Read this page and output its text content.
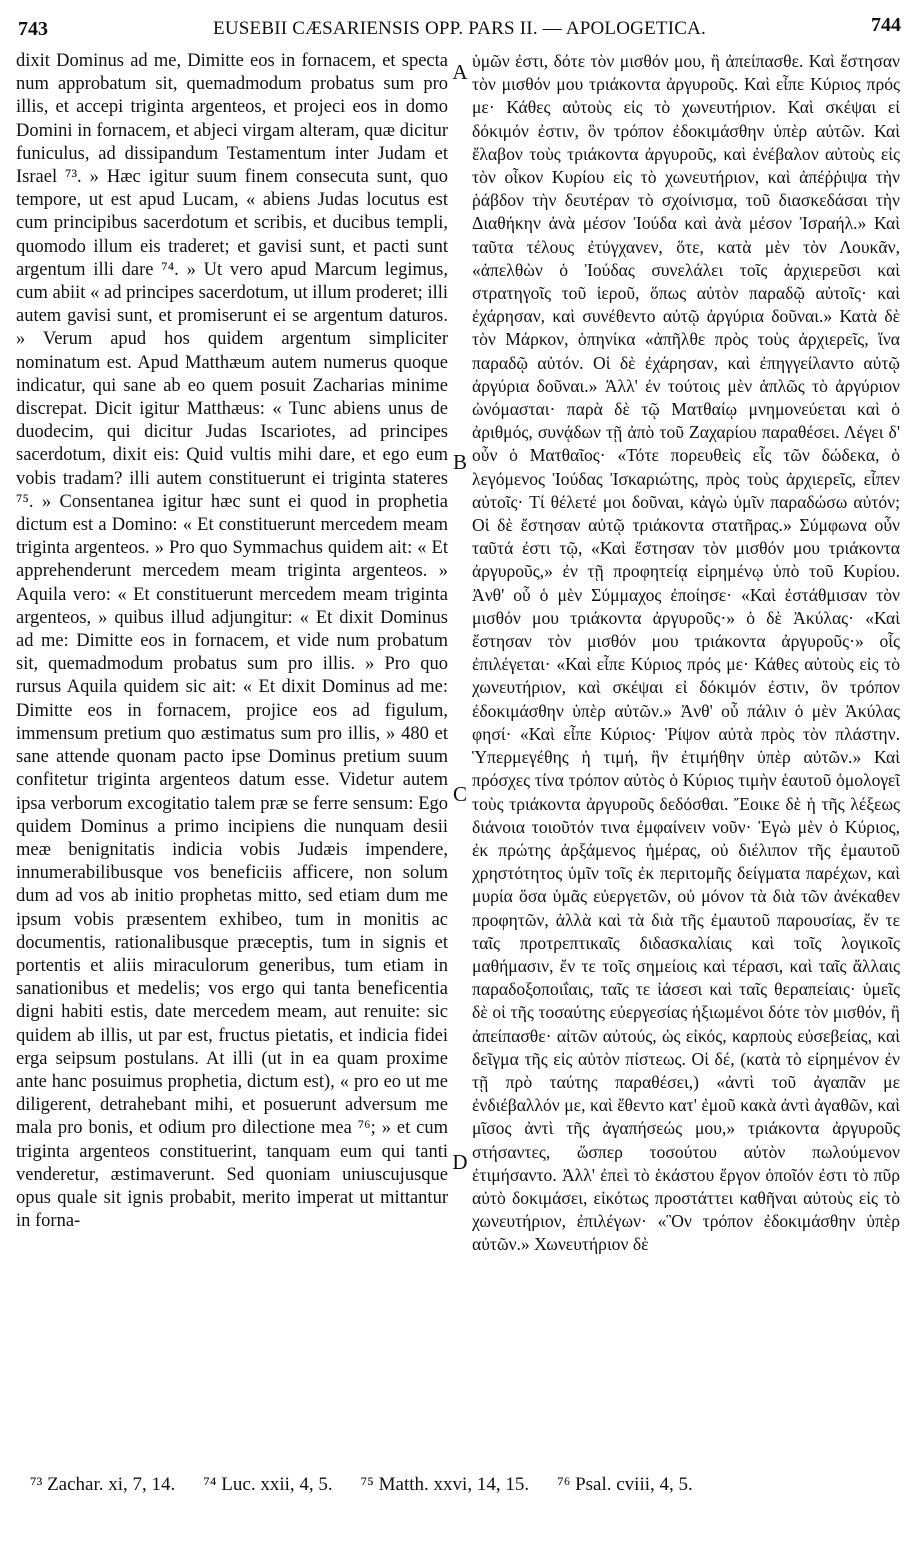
743	EUSEBII CÆSARIENSIS OPP. PARS II. — APOLOGETICA.	744

dixit Dominus ad me, Dimitte eos in fornacem, et specta num approbatum sit, quemadmodum probatus sum pro illis, et accepi triginta argenteos, et projeci eos in domo Domini in fornacem, et abjeci virgam alteram, quæ dicitur funiculus, ad dissipandum Testamentum inter Judam et Israel ⁷³. » Hæc igitur suum finem consecuta sunt, quo tempore, ut est apud Lucam, « abiens Judas locutus est cum principibus sacerdotum et scribis, et ducibus templi, quomodo illum eis traderet; et gavisi sunt, et pacti sunt argentum illi dare ⁷⁴. » Ut vero apud Marcum legimus, cum abiit « ad principes sacerdotum, ut illum proderet; illi autem gavisi sunt, et promiserunt ei se argentum daturos. » Verum apud hos quidem argentum simpliciter nominatum est. Apud Matthæum autem numerus quoque indicatur, qui sane ab eo quem posuit Zacharias minime discrepat. Dicit igitur Matthæus: « Tunc abiens unus de duodecim, qui dicitur Judas Iscariotes, ad principes sacerdotum, dixit eis: Quid vultis mihi dare, et ego eum vobis tradam? illi autem constituerunt ei triginta stateres ⁷⁵. » Consentanea igitur hæc sunt ei quod in prophetia dictum est a Domino: « Et constituerunt mercedem meam triginta argenteos. » Pro quo Symmachus quidem ait: « Et apprehenderunt mercedem meam triginta argenteos. » Aquila vero: « Et constituerunt mercedem meam triginta argenteos, » quibus illud adjungitur: « Et dixit Dominus ad me: Dimitte eos in fornacem, et vide num probatum sit, quemadmodum probatus sum pro illis. » Pro quo rursus Aquila quidem sic ait: « Et dixit Dominus ad me: Dimitte eos in fornacem, projice eos ad figulum, immensum pretium quo æstimatus sum pro illis, » 480 et sane attende quonam pacto ipse Dominus pretium suum confitetur triginta argenteos datum esse. Videtur autem ipsa verborum excogitatio talem præ se ferre sensum: Ego quidem Dominus a primo incipiens die nunquam desii meæ benignitatis indicia vobis Judæis impendere, innumerabilibusque vos beneficiis afficere, non solum dum ad vos ab initio prophetas mitto, sed etiam dum me ipsum vobis præsentem exhibeo, tum in monitis ac documentis, rationalibusque præceptis, tum in signis et portentis et aliis miraculorum generibus, tum etiam in sanationibus et medelis; vos ergo qui tanta beneficentia digni habiti estis, date mercedem meam, aut renuite: sic quidem ab illis, ut par est, fructus pietatis, et indicia fidei erga seipsum postulans. At illi (ut in ea quam proxime ante hanc posuimus prophetia, dictum est), « pro eo ut me diligerent, detrahebant mihi, et posuerunt adversum me mala pro bonis, et odium pro dilectione mea ⁷⁶; » et cum triginta argenteos constituerint, tanquam eum qui tanti venderetur, æstimaverunt. Sed quoniam uniuscujusque opus quale sit ignis probabit, merito imperat ut mittantur in forna-

A
B
C
D

ὑμῶν ἐστι, δότε τὸν μισθόν μου, ἢ ἀπείπασθε. Καὶ ἔστησαν τὸν μισθόν μου τριάκοντα ἀργυροῦς. Καὶ εἶπε Κύριος πρός με· Κάθες αὐτοὺς εἰς τὸ χωνευτήριον. Καὶ σκέψαι εἰ δόκιμόν ἐστιν, ὃν τρόπον ἐδοκιμάσθην ὑπὲρ αὐτῶν. Καὶ ἔλαβον τοὺς τριάκοντα ἀργυροῦς, καὶ ἐνέβαλον αὐτοὺς εἰς τὸν οἶκον Κυρίου εἰς τὸ χωνευτήριον, καὶ ἀπέῤῥιψα τὴν ῥάβδον τὴν δευτέραν τὸ σχοίνισμα, τοῦ διασκεδάσαι τὴν Διαθήκην ἀνὰ μέσον Ἰούδα καὶ ἀνὰ μέσον Ἰσραήλ.» Καὶ ταῦτα τέλους ἐτύγχανεν, ὅτε, κατὰ μὲν τὸν Λουκᾶν, «ἀπελθὼν ὁ Ἰούδας συνελάλει τοῖς ἀρχιερεῦσι καὶ στρατηγοῖς τοῦ ἱεροῦ, ὅπως αὐτὸν παραδῷ αὐτοῖς· καὶ ἐχάρησαν, καὶ συνέθεντο αὐτῷ ἀργύρια δοῦναι.» Κατὰ δὲ τὸν Μάρκον, ὁπηνίκα «ἀπῆλθε πρὸς τοὺς ἀρχιερεῖς, ἵνα παραδῷ αὐτόν. Οἱ δὲ ἐχάρησαν, καὶ ἐπηγγείλαντο αὐτῷ ἀργύρια δοῦναι.» Ἀλλ' ἐν τούτοις μὲν ἁπλῶς τὸ ἀργύριον ὠνόμασται· παρὰ δὲ τῷ Ματθαίῳ μνημονεύεται καὶ ὁ ἀριθμός, συνᾴδων τῇ ἀπὸ τοῦ Ζαχαρίου παραθέσει. Λέγει δ' οὖν ὁ Ματθαῖος· «Τότε πορευθεὶς εἷς τῶν δώδεκα, ὁ λεγόμενος Ἰούδας Ἰσκαριώτης, πρὸς τοὺς ἀρχιερεῖς, εἶπεν αὐτοῖς· Τί θέλετέ μοι δοῦναι, κἀγὼ ὑμῖν παραδώσω αὐτόν; Οἱ δὲ ἔστησαν αὐτῷ τριάκοντα στατῆρας.» Σύμφωνα οὖν ταῦτά ἐστι τῷ, «Καὶ ἔστησαν τὸν μισθόν μου τριάκοντα ἀργυροῦς,» ἐν τῇ προφητείᾳ εἰρημένῳ ὑπὸ τοῦ Κυρίου. Ἀνθ' οὗ ὁ μὲν Σύμμαχος ἐποίησε· «Καὶ ἐστάθμισαν τὸν μισθόν μου τριάκοντα ἀργυροῦς·» ὁ δὲ Ἀκύλας· «Καὶ ἔστησαν τὸν μισθόν μου τριάκοντα ἀργυροῦς·» οἷς ἐπιλέγεται· «Καὶ εἶπε Κύριος πρός με· Κάθες αὐτοὺς εἰς τὸ χωνευτήριον, καὶ σκέψαι εἰ δόκιμόν ἐστιν, ὃν τρόπον ἐδοκιμάσθην ὑπὲρ αὐτῶν.» Ἀνθ' οὗ πάλιν ὁ μὲν Ἀκύλας φησί· «Καὶ εἶπε Κύριος· Ῥίψον αὐτὰ πρὸς τὸν πλάστην. Ὑπερμεγέθης ἡ τιμή, ἣν ἐτιμήθην ὑπὲρ αὐτῶν.» Καὶ πρόσχες τίνα τρόπον αὐτὸς ὁ Κύριος τιμὴν ἑαυτοῦ ὁμολογεῖ τοὺς τριάκοντα ἀργυροῦς δεδόσθαι. Ἔοικε δὲ ἡ τῆς λέξεως διάνοια τοιοῦτόν τινα ἐμφαίνειν νοῦν· Ἐγὼ μὲν ὁ Κύριος, ἐκ πρώτης ἀρξάμενος ἡμέρας, οὐ διέλιπον τῆς ἐμαυτοῦ χρηστότητος ὑμῖν τοῖς ἐκ περιτομῆς δείγματα παρέχων, καὶ μυρία ὅσα ὑμᾶς εὐεργετῶν, οὐ μόνον τὰ διὰ τῶν ἀνέκαθεν προφητῶν, ἀλλὰ καὶ τὰ διὰ τῆς ἐμαυτοῦ παρουσίας, ἔν τε ταῖς προτρεπτικαῖς διδασκαλίαις καὶ τοῖς λογικοῖς μαθήμασιν, ἔν τε τοῖς σημείοις καὶ τέρασι, καὶ ταῖς ἄλλαις παραδοξοποιΐαις, ταῖς τε ἰάσεσι καὶ ταῖς θεραπείαις· ὑμεῖς δὲ οἱ τῆς τοσαύτης εὐεργεσίας ἠξιωμένοι δότε τὸν μισθόν, ἢ ἀπείπασθε· αἰτῶν αὐτούς, ὡς εἰκός, καρποὺς εὐσεβείας, καὶ δεῖγμα τῆς εἰς αὐτὸν πίστεως. Οἱ δέ, (κατὰ τὸ εἰρημένον ἐν τῇ πρὸ ταύτης παραθέσει,) «ἀντὶ τοῦ ἀγαπᾶν με ἐνδιέβαλλόν με, καὶ ἔθεντο κατ' ἐμοῦ κακὰ ἀντὶ ἀγαθῶν, καὶ μῖσος ἀντὶ τῆς ἀγαπήσεώς μου,» τριάκοντα ἀργυροῦς στήσαντες, ὥσπερ τοσούτου αὐτὸν πωλούμενον ἐτιμήσαντο. Ἀλλ' ἐπεὶ τὸ ἑκάστου ἔργον ὁποῖόν ἐστι τὸ πῦρ αὐτὸ δοκιμάσει, εἰκότως προστάττει καθῆναι αὐτοὺς εἰς τὸ χωνευτήριον, ἐπιλέγων· «Ὃν τρόπον ἐδοκιμάσθην ὑπὲρ αὐτῶν.» Χωνευτήριον δὲ

⁷³ Zachar. xi, 7, 14. ⁷⁴ Luc. xxii, 4, 5. ⁷⁵ Matth. xxvi, 14, 15. ⁷⁶ Psal. cviii, 4, 5.
